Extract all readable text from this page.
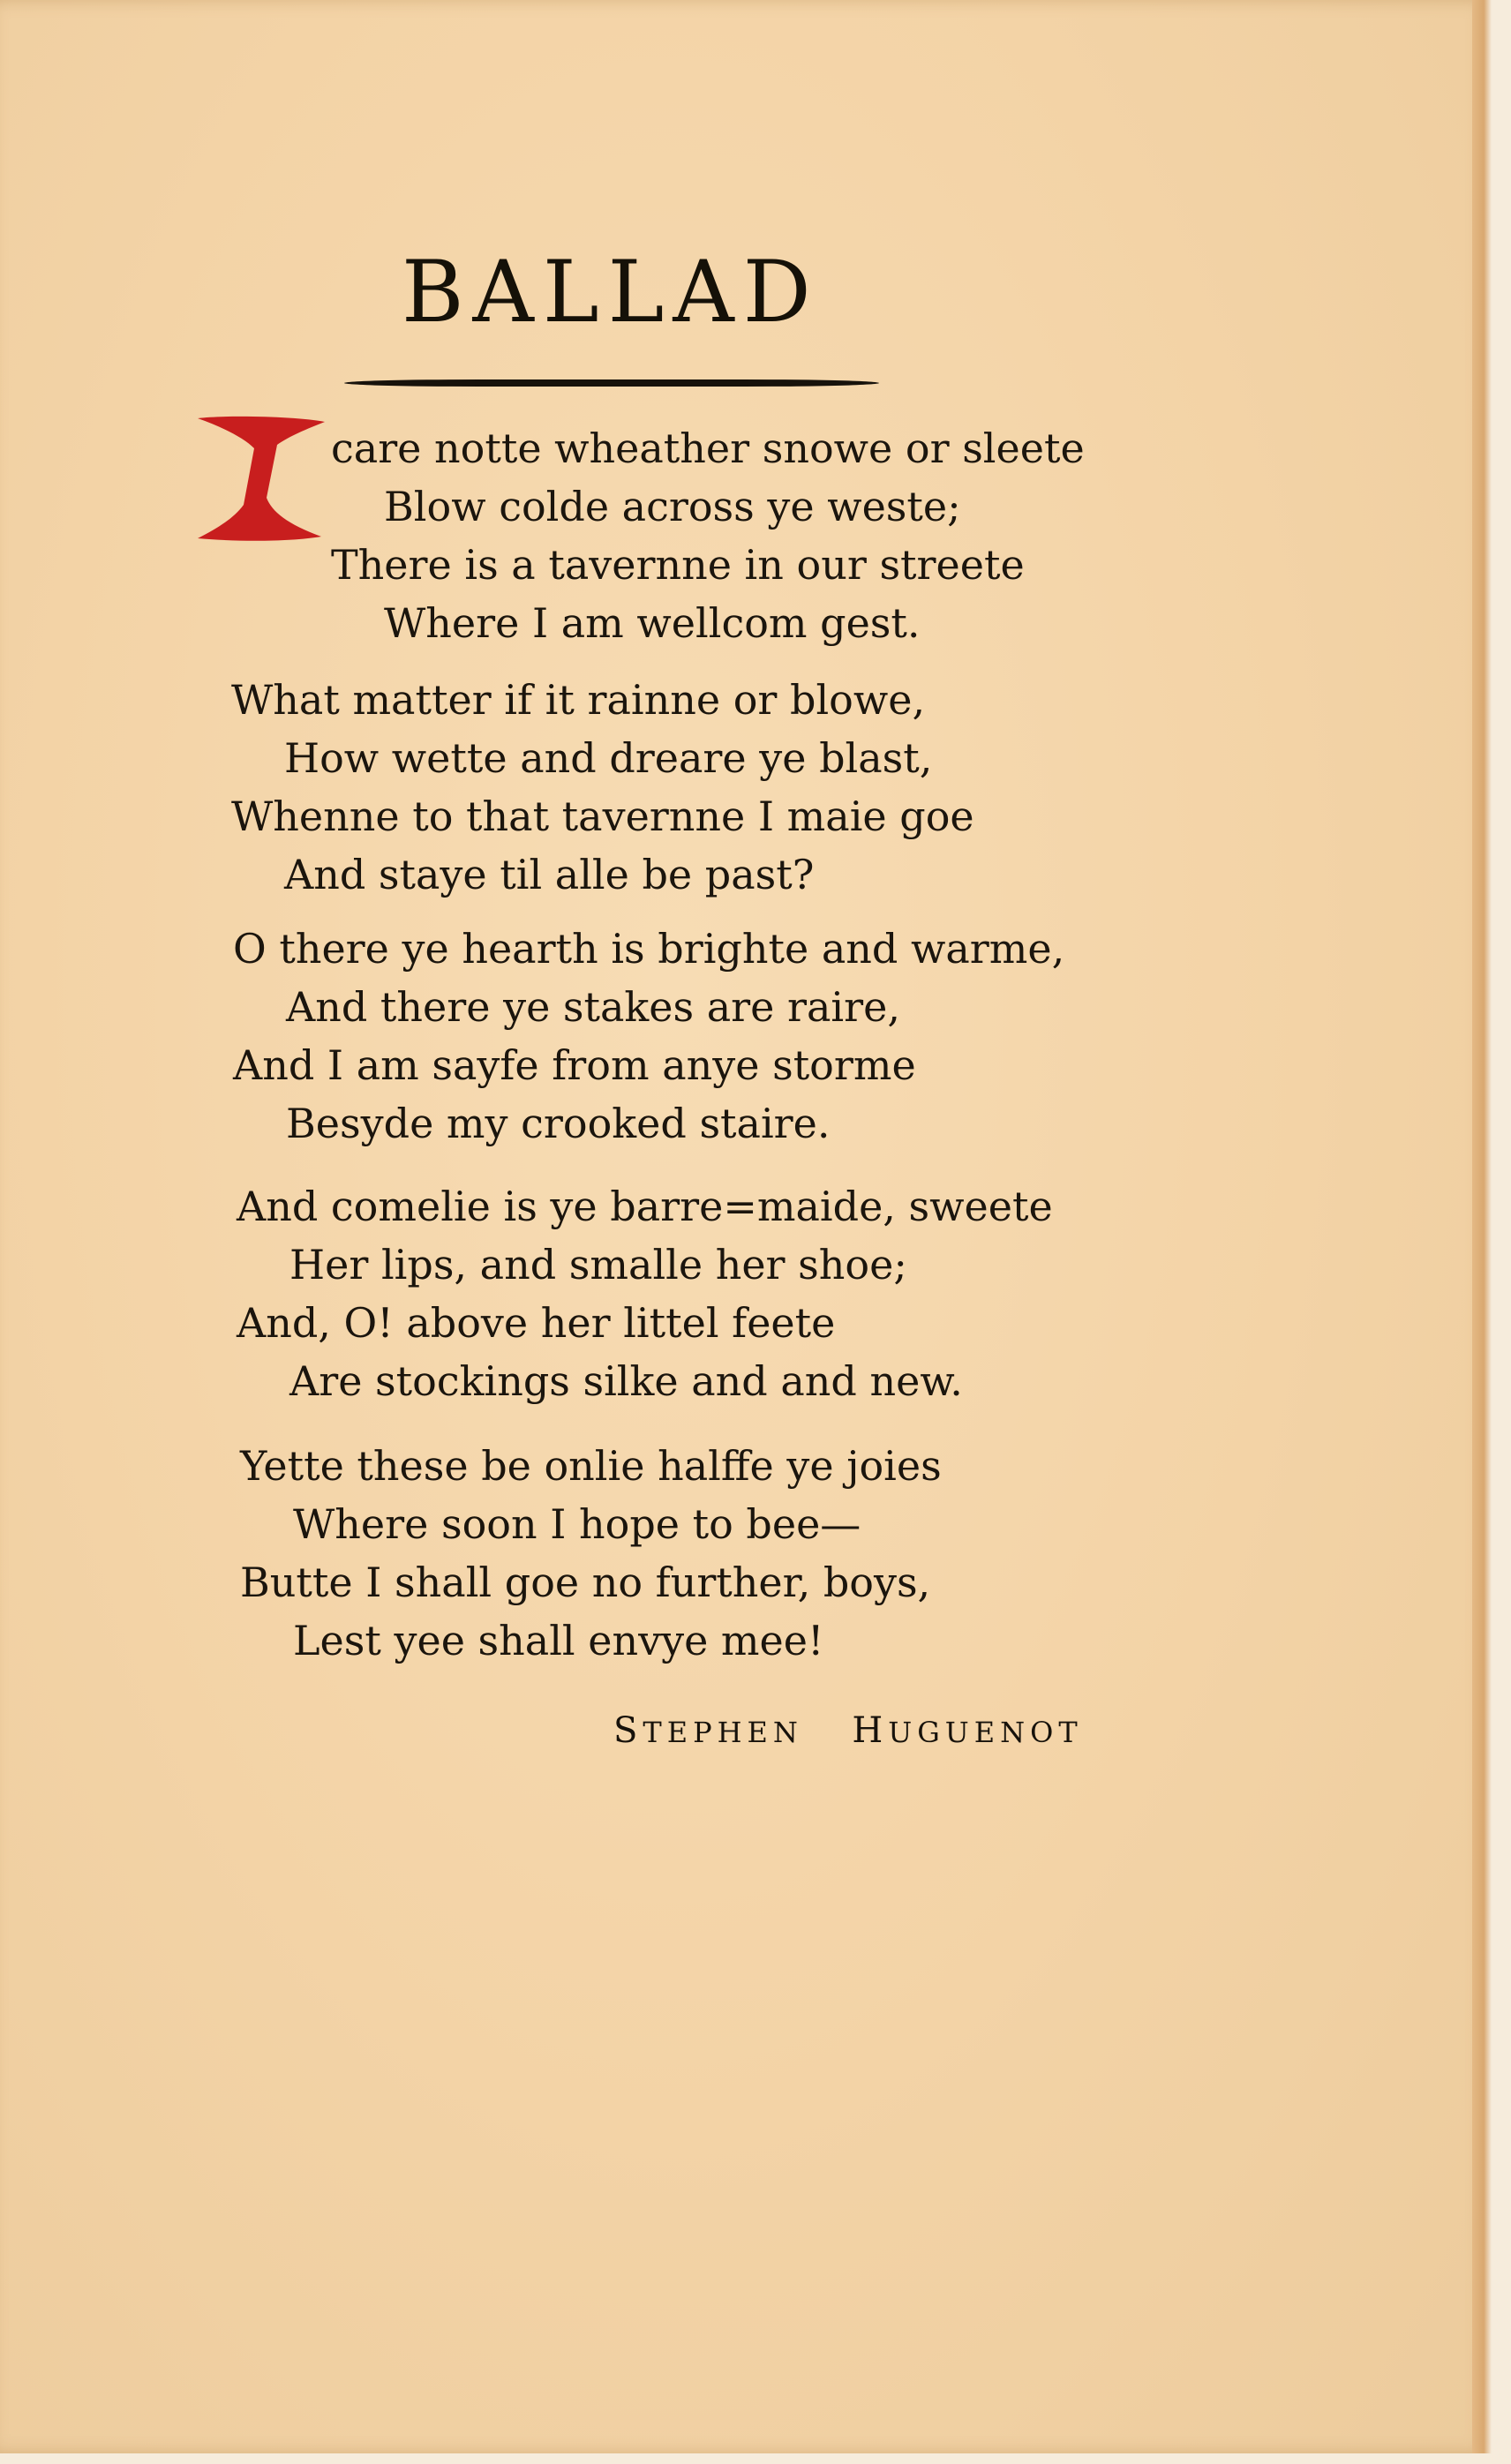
BALLAD
I
care notte wheather snowe or sleete
Blow colde across ye weste;
There is a tavernne in our streete
Where I am wellcom gest.
What matter if it rainne or blowe,
How wette and dreare ye blast,
Whenne to that tavernne I maie goe
And staye til alle be past?
O there ye hearth is brighte and warme,
And there ye stakes are raire,
And I am sayfe from anye storme
Besyde my crooked staire.
And comelie is ye barre=maide, sweete
Her lips, and smalle her shoe;
And, O! above her littel feete
Are stockings silke and and new.
Yette these be onlie halffe ye joies
Where soon I hope to bee—
Butte I shall goe no further, boys,
Lest yee shall envye mee!
STEPHEN HUGUENOT
